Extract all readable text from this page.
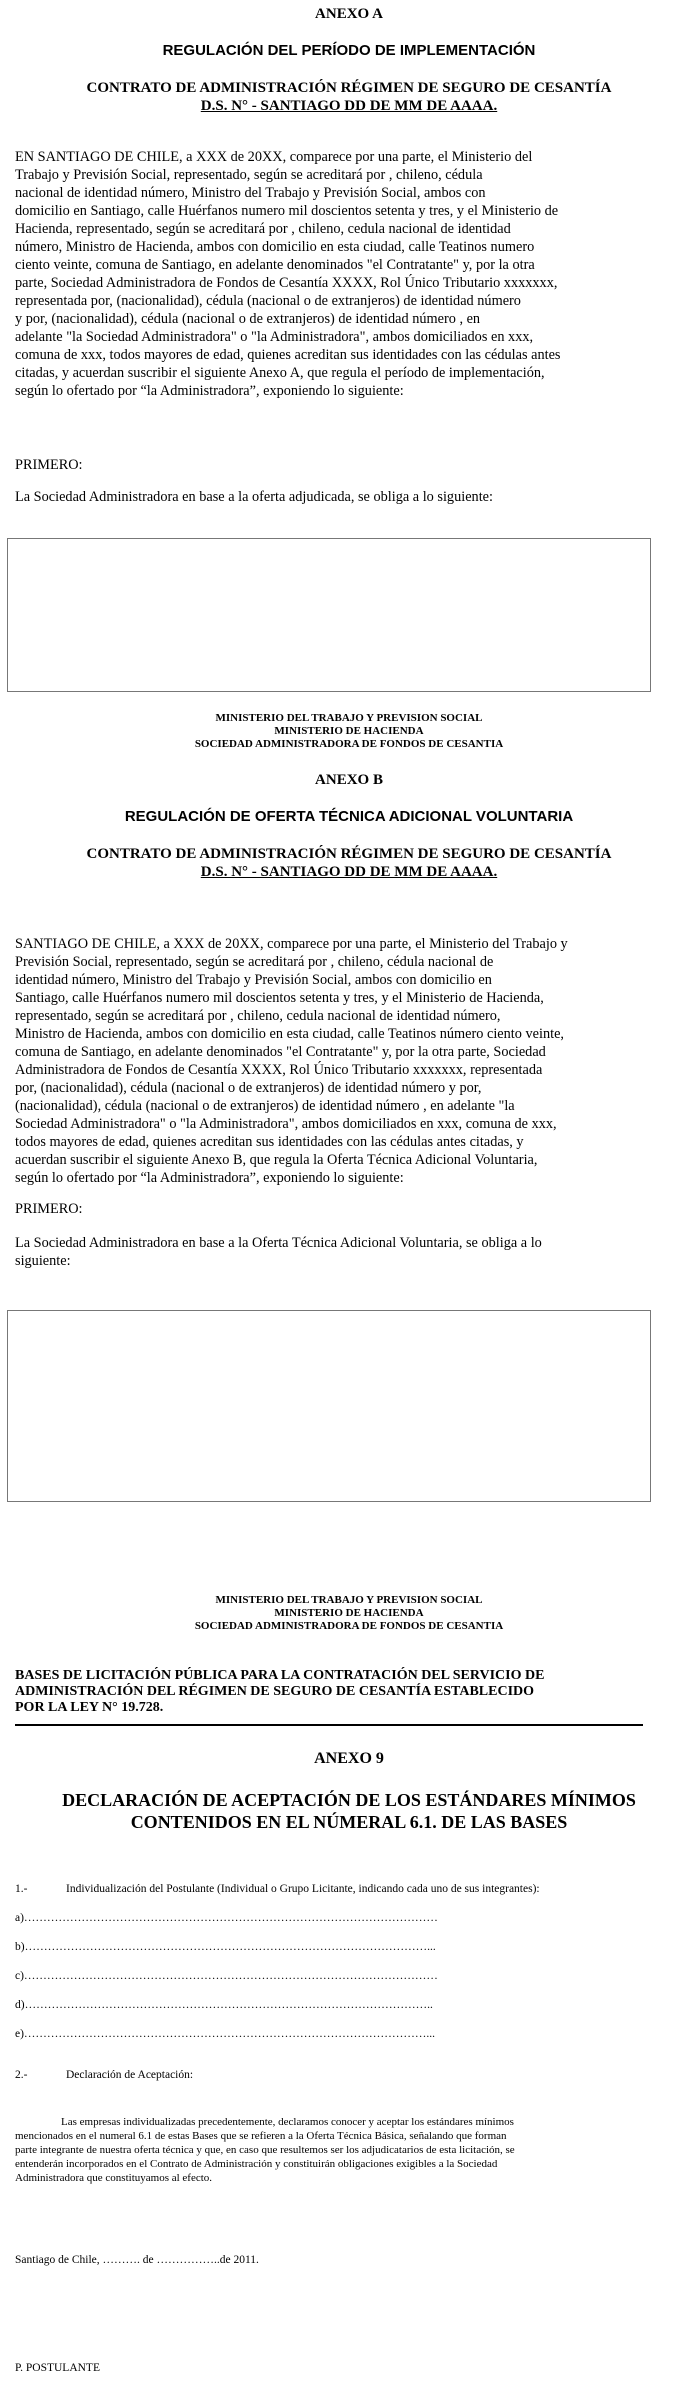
ANEXO A
REGULACIÓN DEL PERÍODO DE IMPLEMENTACIÓN
CONTRATO DE ADMINISTRACIÓN RÉGIMEN DE SEGURO DE CESANTÍA
D.S. N° - SANTIAGO DD DE MM DE AAAA.
EN SANTIAGO DE CHILE, a XXX de 20XX, comparece por una parte, el Ministerio del
Trabajo y Previsión Social, representado, según se acreditará por , chileno, cédula
nacional de identidad número, Ministro del Trabajo y Previsión Social, ambos con
domicilio en Santiago, calle Huérfanos numero mil doscientos setenta y tres, y el Ministerio de
Hacienda, representado, según se acreditará por , chileno, cedula nacional de identidad
número, Ministro de Hacienda, ambos con domicilio en esta ciudad, calle Teatinos numero
ciento veinte, comuna de Santiago, en adelante denominados "el Contratante" y, por la otra
parte, Sociedad Administradora de Fondos de Cesantía XXXX, Rol Único Tributario xxxxxxx,
representada por, (nacionalidad), cédula (nacional o de extranjeros) de identidad número
y por, (nacionalidad), cédula (nacional o de extranjeros) de identidad número , en
adelante "la Sociedad Administradora" o "la Administradora", ambos domiciliados en xxx,
comuna de xxx, todos mayores de edad, quienes acreditan sus identidades con las cédulas antes
citadas, y acuerdan suscribir el siguiente Anexo A, que regula el período de implementación,
según lo ofertado por “la Administradora”, exponiendo lo siguiente:
PRIMERO:
La Sociedad Administradora en base a la oferta adjudicada, se obliga a lo siguiente:
MINISTERIO DEL TRABAJO Y PREVISION SOCIAL
MINISTERIO DE HACIENDA
SOCIEDAD ADMINISTRADORA DE FONDOS DE CESANTIA
ANEXO B
REGULACIÓN DE OFERTA TÉCNICA ADICIONAL VOLUNTARIA
CONTRATO DE ADMINISTRACIÓN RÉGIMEN DE SEGURO DE CESANTÍA
D.S. N° - SANTIAGO DD DE MM DE AAAA.
SANTIAGO DE CHILE, a XXX de 20XX, comparece por una parte, el Ministerio del Trabajo y
Previsión Social, representado, según se acreditará por , chileno, cédula nacional de
identidad número, Ministro del Trabajo y Previsión Social, ambos con domicilio en
Santiago, calle Huérfanos numero mil doscientos setenta y tres, y el Ministerio de Hacienda,
representado, según se acreditará por , chileno, cedula nacional de identidad número,
Ministro de Hacienda, ambos con domicilio en esta ciudad, calle Teatinos número ciento veinte,
comuna de Santiago, en adelante denominados "el Contratante" y, por la otra parte, Sociedad
Administradora de Fondos de Cesantía XXXX, Rol Único Tributario xxxxxxx, representada
por, (nacionalidad), cédula (nacional o de extranjeros) de identidad número y por,
(nacionalidad), cédula (nacional o de extranjeros) de identidad número , en adelante "la
Sociedad Administradora" o "la Administradora", ambos domiciliados en xxx, comuna de xxx,
todos mayores de edad, quienes acreditan sus identidades con las cédulas antes citadas, y
acuerdan suscribir el siguiente Anexo B, que regula la Oferta Técnica Adicional Voluntaria,
según lo ofertado por “la Administradora”, exponiendo lo siguiente:
PRIMERO:
La Sociedad Administradora en base a la Oferta Técnica Adicional Voluntaria, se obliga a lo
siguiente:
MINISTERIO DEL TRABAJO Y PREVISION SOCIAL
MINISTERIO DE HACIENDA
SOCIEDAD ADMINISTRADORA DE FONDOS DE CESANTIA
BASES DE LICITACIÓN PÚBLICA PARA LA CONTRATACIÓN DEL SERVICIO DE
ADMINISTRACIÓN DEL RÉGIMEN DE SEGURO DE CESANTÍA ESTABLECIDO
POR LA LEY N° 19.728.
ANEXO 9
DECLARACIÓN DE ACEPTACIÓN DE LOS ESTÁNDARES MÍNIMOS
CONTENIDOS EN EL NÚMERAL 6.1. DE LAS BASES
1.-	Individualización del Postulante (Individual o Grupo Licitante, indicando cada uno de sus integrantes):
a)………………………………………………………………………………………………
b)……………………………………………………………………………………………...
c)………………………………………………………………………………………………
d)……………………………………………………………………………………………..
e)……………………………………………………………………………………………...
2.-	Declaración de Aceptación:
Las empresas individualizadas precedentemente, declaramos conocer y aceptar los estándares mínimos
mencionados en el numeral 6.1 de estas Bases que se refieren a la Oferta Técnica Básica, señalando que forman
parte integrante de nuestra oferta técnica y que, en caso que resultemos ser los adjudicatarios de esta licitación, se
entenderán incorporados en el Contrato de Administración y constituirán obligaciones exigibles a la Sociedad
Administradora que constituyamos al efecto.
Santiago de Chile, ………. de ……………..de 2011.
P. POSTULANTE
